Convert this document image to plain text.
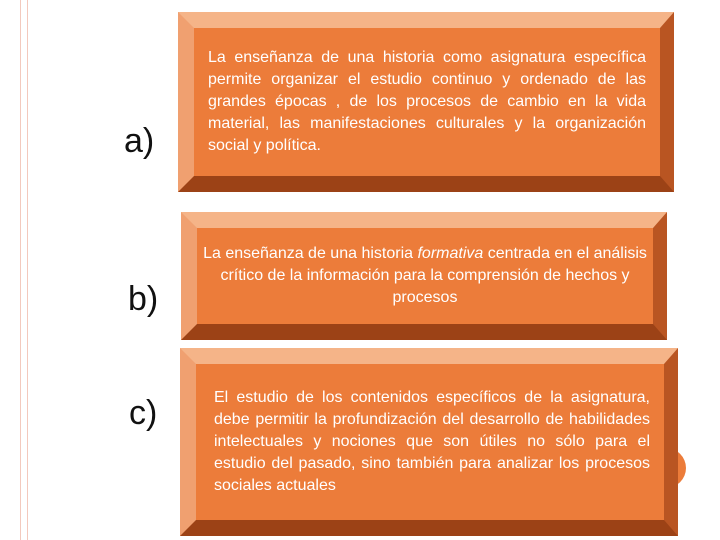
a)
La enseñanza de una historia como asignatura específica permite organizar el estudio continuo y ordenado de las grandes épocas , de los procesos de cambio en la vida material, las manifestaciones culturales y la organización social y política.
b)
La enseñanza de una historia formativa centrada en el análisis crítico de la información para la comprensión de hechos y procesos
c)	El estudio de los contenidos específicos de la asignatura, debe permitir la profundización del desarrollo de habilidades intelectuales y nociones que son útiles no sólo para el estudio del pasado, sino también para analizar los procesos sociales actuales
